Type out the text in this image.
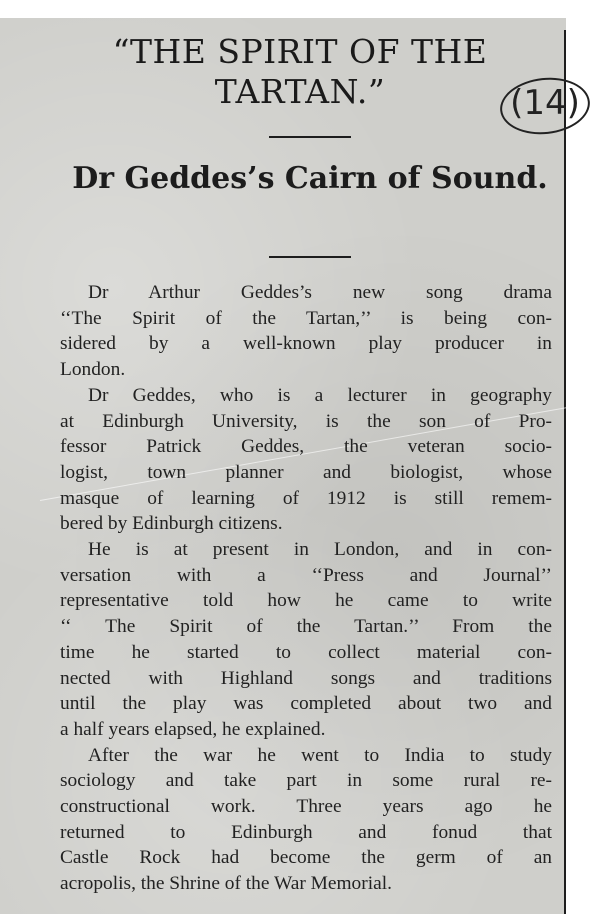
“THE SPIRIT OF THE TARTAN.”	(14)
Dr Geddes’s Cairn of Sound.
Dr Arthur Geddes’s new song drama
‘‘The Spirit of the Tartan,’’ is being con-
sidered by a well-known play producer in
London.
Dr Geddes, who is a lecturer in geography
at Edinburgh University, is the son of Pro-
fessor Patrick Geddes, the veteran socio-
logist, town planner and biologist, whose
masque of learning of 1912 is still remem-
bered by Edinburgh citizens.
He is at present in London, and in con-
versation with a ‘‘Press and Journal’’
representative told how he came to write
‘‘ The Spirit of the Tartan.’’ From the
time he started to collect material con-
nected with Highland songs and traditions
until the play was completed about two and
a half years elapsed, he explained.
After the war he went to India to study
sociology and take part in some rural re-
constructional work. Three years ago he
returned to Edinburgh and fonud that
Castle Rock had become the germ of an
acropolis, the Shrine of the War Memorial.
